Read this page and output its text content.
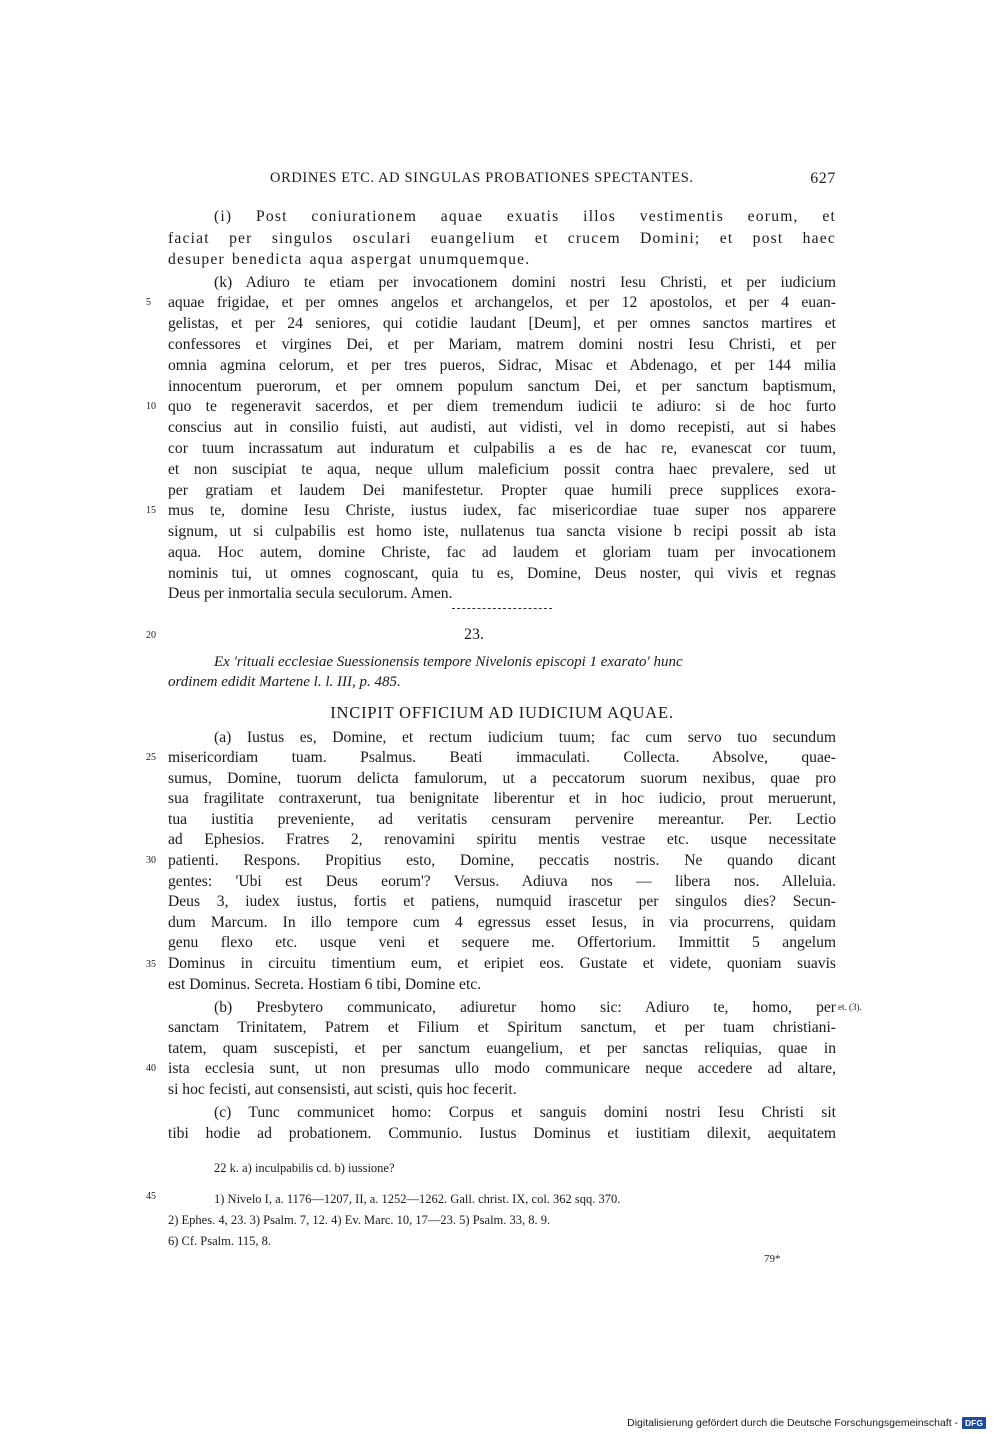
ORDINES ETC. AD SINGULAS PROBATIONES SPECTANTES.	627
(i) Post coniurationem aquae exuatis illos vestimentis eorum, et
faciat per singulos osculari euangelium et crucem Domini; et post haec
desuper benedicta aqua aspergat unumquemque.
(k) Adiuro te etiam per invocationem domini nostri Iesu Christi, et per iudicium
aquae frigidae, et per omnes angelos et archangelos, et per 12 apostolos, et per 4 euan-
gelistas, et per 24 seniores, qui cotidie laudant [Deum], et per omnes sanctos martires et
confessores et virgines Dei, et per Mariam, matrem domini nostri Iesu Christi, et per
omnia agmina celorum, et per tres pueros, Sidrac, Misac et Abdenago, et per 144 milia
innocentum puerorum, et per omnem populum sanctum Dei, et per sanctum baptismum,
quo te regeneravit sacerdos, et per diem tremendum iudicii te adiuro: si de hoc furto
conscius aut in consilio fuisti, aut audisti, aut vidisti, vel in domo recepisti, aut si habes
cor tuum incrassatum aut induratum et culpabilis a es de hac re, evanescat cor tuum,
et non suscipiat te aqua, neque ullum maleficium possit contra haec prevalere, sed ut
per gratiam et laudem Dei manifestetur. Propter quae humili prece supplices exora-
mus te, domine Iesu Christe, iustus iudex, fac misericordiae tuae super nos apparere
signum, ut si culpabilis est homo iste, nullatenus tua sancta visione b recipi possit ab ista
aqua. Hoc autem, domine Christe, fac ad laudem et gloriam tuam per invocationem
nominis tui, ut omnes cognoscant, quia tu es, Domine, Deus noster, qui vivis et regnas
Deus per inmortalia secula seculorum. Amen.
5
10
15
20
25
30
35
40
45
23.
Ex 'rituali ecclesiae Suessionensis tempore Nivelonis episcopi 1 exarato' hunc
ordinem edidit Martene l. l. III, p. 485.
INCIPIT OFFICIUM AD IUDICIUM AQUAE.
(a) Iustus es, Domine, et rectum iudicium tuum; fac cum servo tuo secundum
misericordiam tuam. Psalmus. Beati immaculati. Collecta. Absolve, quae-
sumus, Domine, tuorum delicta famulorum, ut a peccatorum suorum nexibus, quae pro
sua fragilitate contraxerunt, tua benignitate liberentur et in hoc iudicio, prout meruerunt,
tua iustitia preveniente, ad veritatis censuram pervenire mereantur. Per. Lectio
ad Ephesios. Fratres 2, renovamini spiritu mentis vestrae etc. usque necessitate
patienti. Respons. Propitius esto, Domine, peccatis nostris. Ne quando dicant
gentes: 'Ubi est Deus eorum'? Versus. Adiuva nos — libera nos. Alleluia.
Deus 3, iudex iustus, fortis et patiens, numquid irascetur per singulos dies? Secun-
dum Marcum. In illo tempore cum 4 egressus esset Iesus, in via procurrens, quidam
genu flexo etc. usque veni et sequere me. Offertorium. Immittit 5 angelum
Dominus in circuitu timentium eum, et eripiet eos. Gustate et videte, quoniam suavis
est Dominus. Secreta. Hostiam 6 tibi, Domine etc.
(b) Presbytero communicato, adiuretur homo sic: Adiuro te, homo, per
sanctam Trinitatem, Patrem et Filium et Spiritum sanctum, et per tuam christiani-
tatem, quam suscepisti, et per sanctum euangelium, et per sanctas reliquias, quae in
ista ecclesia sunt, ut non presumas ullo modo communicare neque accedere ad altare,
si hoc fecisti, aut consensisti, aut scisti, quis hoc fecerit.
et. (3).
(c) Tunc communicet homo: Corpus et sanguis domini nostri Iesu Christi sit
tibi hodie ad probationem. Communio. Iustus Dominus et iustitiam dilexit, aequitatem
22 k. a) inculpabilis cd. b) iussione?
1) Nivelo I, a. 1176—1207, II, a. 1252—1262. Gall. christ. IX, col. 362 sqq. 370.
2) Ephes. 4, 23. 3) Psalm. 7, 12. 4) Ev. Marc. 10, 17—23. 5) Psalm. 33, 8. 9.
6) Cf. Psalm. 115, 8.
79*
Digitalisierung gefördert durch die Deutsche Forschungsgemeinschaft - DFG
